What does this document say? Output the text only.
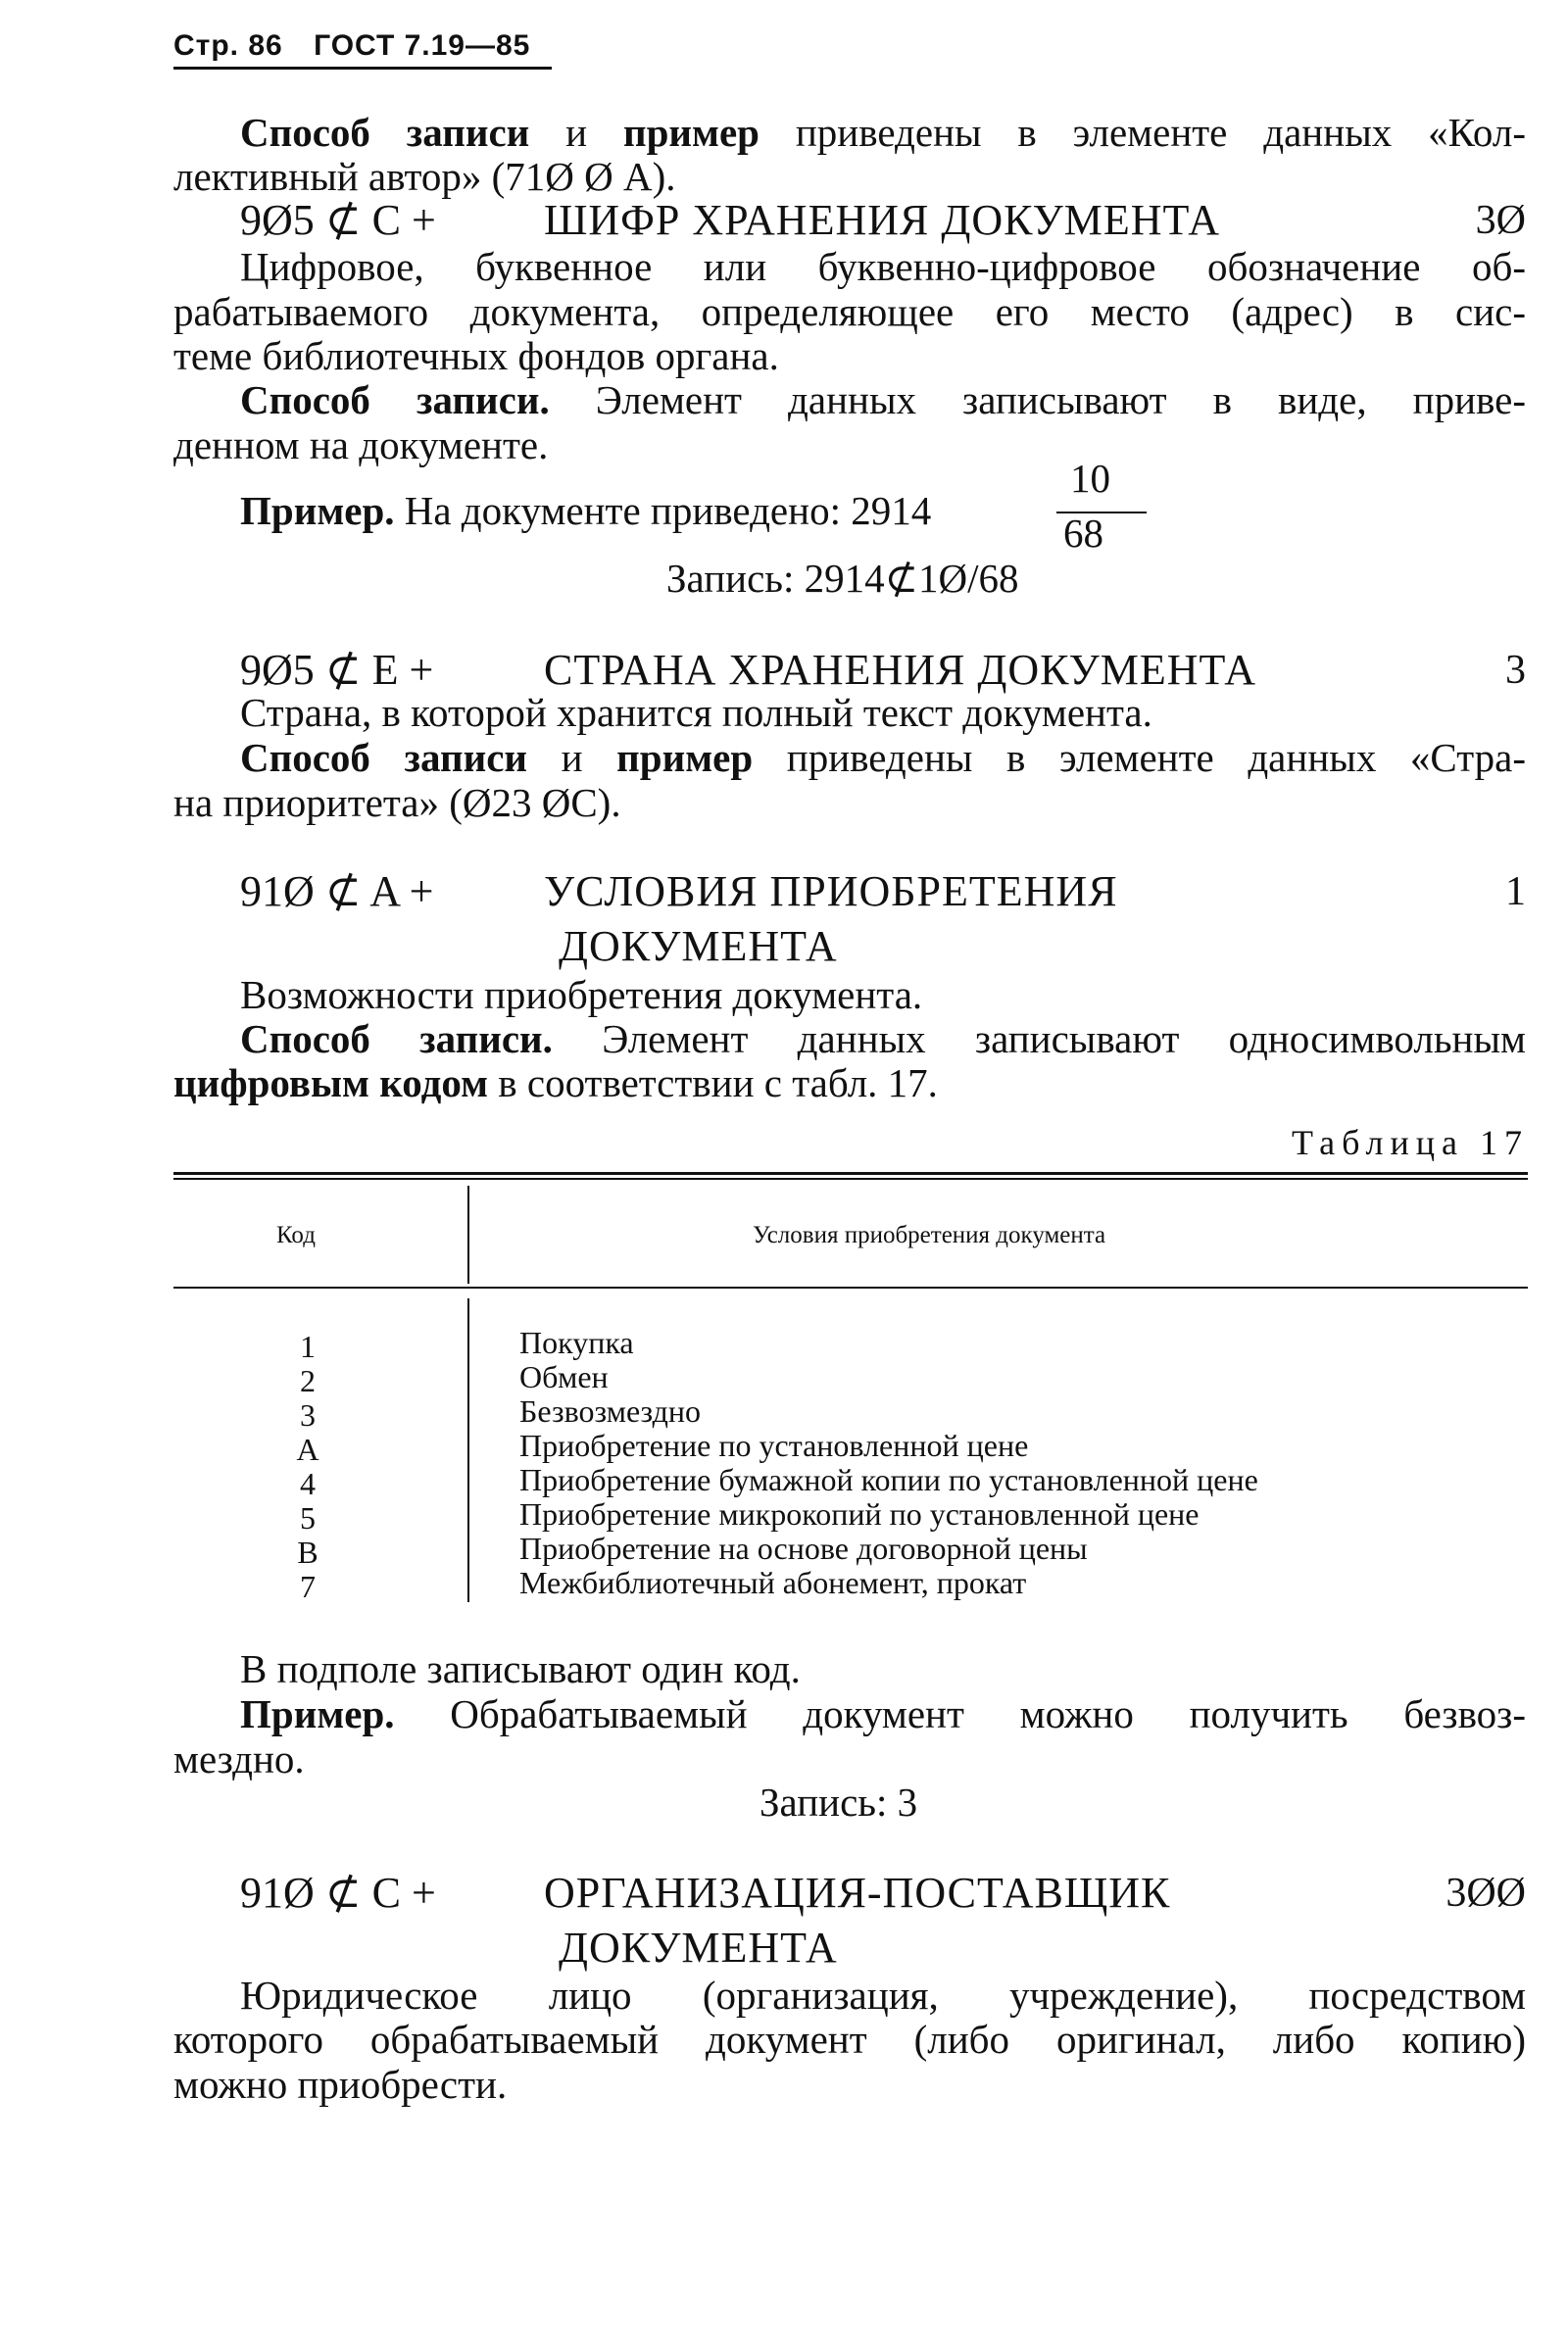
Стр. 86 ГОСТ 7.19—85
Способ записи и пример приведены в элементе данных «Кол-
лективный автор» (71Ø Ø А).
9Ø5 ⊄ C +	ШИФР ХРАНЕНИЯ ДОКУМЕНТА	3Ø
Цифровое, буквенное или буквенно-цифровое обозначение об-
рабатываемого документа, определяющее его место (адрес) в сис-
теме библиотечных фондов органа.
Способ записи. Элемент данных записывают в виде, приве-
денном на документе.
Пример. На документе приведено: 2914
10
68
Запись: 2914⊄1Ø/68
9Ø5 ⊄ E +	СТРАНА ХРАНЕНИЯ ДОКУМЕНТА	3
Страна, в которой хранится полный текст документа.
Способ записи и пример приведены в элементе данных «Стра-
на приоритета» (Ø23 ØС).
91Ø ⊄ A +	УСЛОВИЯ ПРИОБРЕТЕНИЯ
ДОКУМЕНТА
1
Возможности приобретения документа.
Способ записи. Элемент данных записывают односимвольным
цифровым кодом в соответствии с табл. 17.
Таблица 17
Код	Условия приобретения документа
1	Покупка
2	Обмен
3	Безвозмездно
А	Приобретение по установленной цене
4	Приобретение бумажной копии по установленной цене
5	Приобретение микрокопий по установленной цене
В	Приобретение на основе договорной цены
7	Межбиблиотечный абонемент, прокат
В подполе записывают один код.
Пример. Обрабатываемый документ можно получить безвоз-
мездно.
Запись: 3
91Ø ⊄ C +	ОРГАНИЗАЦИЯ-ПОСТАВЩИК
ДОКУМЕНТА
3ØØ
Юридическое лицо (организация, учреждение), посредством
которого обрабатываемый документ (либо оригинал, либо копию)
можно приобрести.
